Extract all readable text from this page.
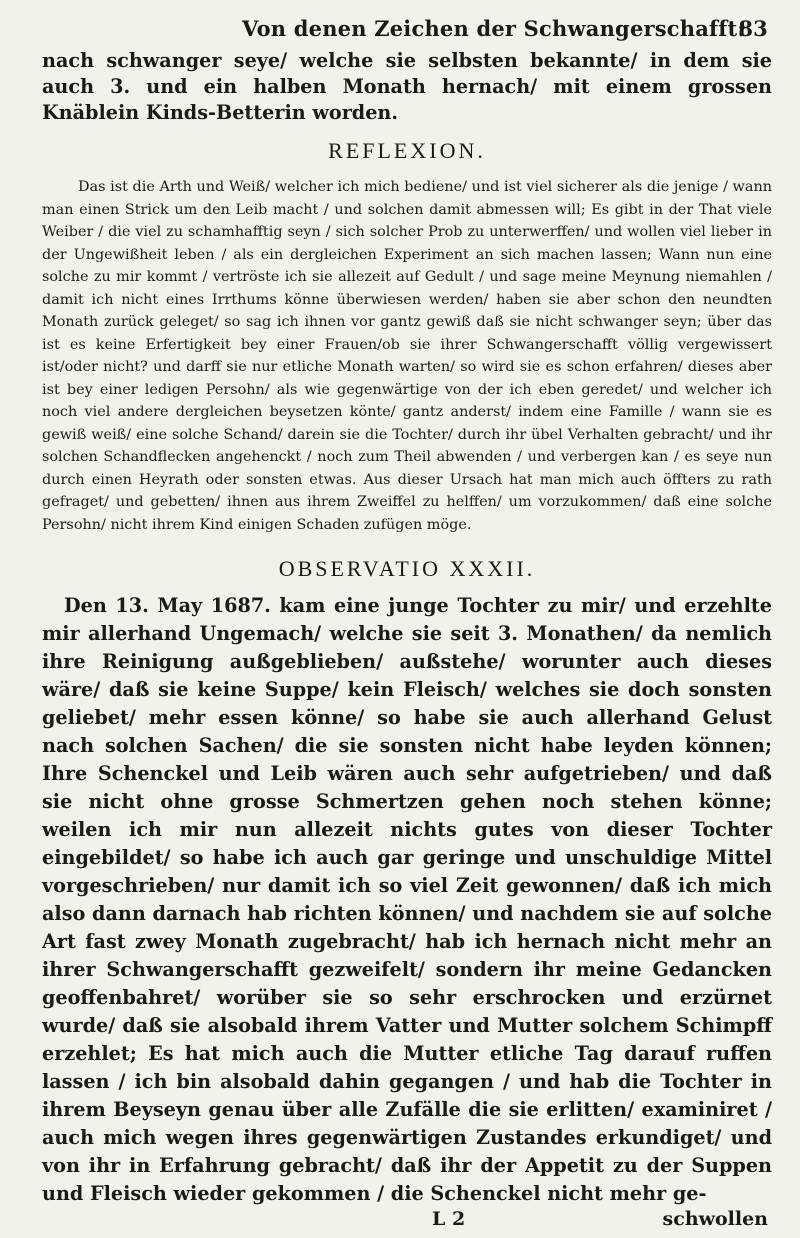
Von denen Zeichen der Schwangerschafft:
83

nach schwanger seye/ welche sie selbsten bekannte/ in dem sie auch 3. und ein halben Monath hernach/ mit einem grossen Knäblein Kinds-Betterin worden.

REFLEXION.

Das ist die Arth und Weiß/ welcher ich mich bediene/ und ist viel sicherer als die jenige / wann man einen Strick um den Leib macht / und solchen damit abmessen will; Es gibt in der That viele Weiber / die viel zu schamhafftig seyn / sich solcher Prob zu unterwerffen/ und wollen viel lieber in der Ungewißheit leben / als ein dergleichen Experiment an sich machen lassen; Wann nun eine solche zu mir kommt / vertröste ich sie allezeit auf Gedult / und sage meine Meynung niemahlen / damit ich nicht eines Irrthums könne überwiesen werden/ haben sie aber schon den neundten Monath zurück geleget/ so sag ich ihnen vor gantz gewiß daß sie nicht schwanger seyn; über das ist es keine Erfertigkeit bey einer Frauen/ob sie ihrer Schwangerschafft völlig vergewissert ist/oder nicht? und darff sie nur etliche Monath warten/ so wird sie es schon erfahren/ dieses aber ist bey einer ledigen Persohn/ als wie gegenwärtige von der ich eben geredet/ und welcher ich noch viel andere dergleichen beysetzen könte/ gantz anderst/ indem eine Famille / wann sie es gewiß weiß/ eine solche Schand/ darein sie die Tochter/ durch ihr übel Verhalten gebracht/ und ihr solchen Schandflecken angehenckt / noch zum Theil abwenden / und verbergen kan / es seye nun durch einen Heyrath oder sonsten etwas. Aus dieser Ursach hat man mich auch öffters zu rath gefraget/ und gebetten/ ihnen aus ihrem Zweiffel zu helffen/ um vorzukommen/ daß eine solche Persohn/ nicht ihrem Kind einigen Schaden zufügen möge.

OBSERVATIO XXXII.

Den 13. May 1687. kam eine junge Tochter zu mir/ und erzehlte mir allerhand Ungemach/ welche sie seit 3. Monathen/ da nemlich ihre Reinigung außgeblieben/ außstehe/ worunter auch dieses wäre/ daß sie keine Suppe/ kein Fleisch/ welches sie doch sonsten geliebet/ mehr essen könne/ so habe sie auch allerhand Gelust nach solchen Sachen/ die sie sonsten nicht habe leyden können; Ihre Schenckel und Leib wären auch sehr aufgetrieben/ und daß sie nicht ohne grosse Schmertzen gehen noch stehen könne; weilen ich mir nun allezeit nichts gutes von dieser Tochter eingebildet/ so habe ich auch gar geringe und unschuldige Mittel vorgeschrieben/ nur damit ich so viel Zeit gewonnen/ daß ich mich also dann darnach hab richten können/ und nachdem sie auf solche Art fast zwey Monath zugebracht/ hab ich hernach nicht mehr an ihrer Schwangerschafft gezweifelt/ sondern ihr meine Gedancken geoffenbahret/ worüber sie so sehr erschrocken und erzürnet wurde/ daß sie alsobald ihrem Vatter und Mutter solchem Schimpff erzehlet; Es hat mich auch die Mutter etliche Tag darauf ruffen lassen / ich bin alsobald dahin gegangen / und hab die Tochter in ihrem Beyseyn genau über alle Zufälle die sie erlitten/ examiniret / auch mich wegen ihres gegenwärtigen Zustandes erkundiget/ und von ihr in Erfahrung gebracht/ daß ihr der Appetit zu der Suppen und Fleisch wieder gekommen / die Schenckel nicht mehr ge-

L 2	schwollen
